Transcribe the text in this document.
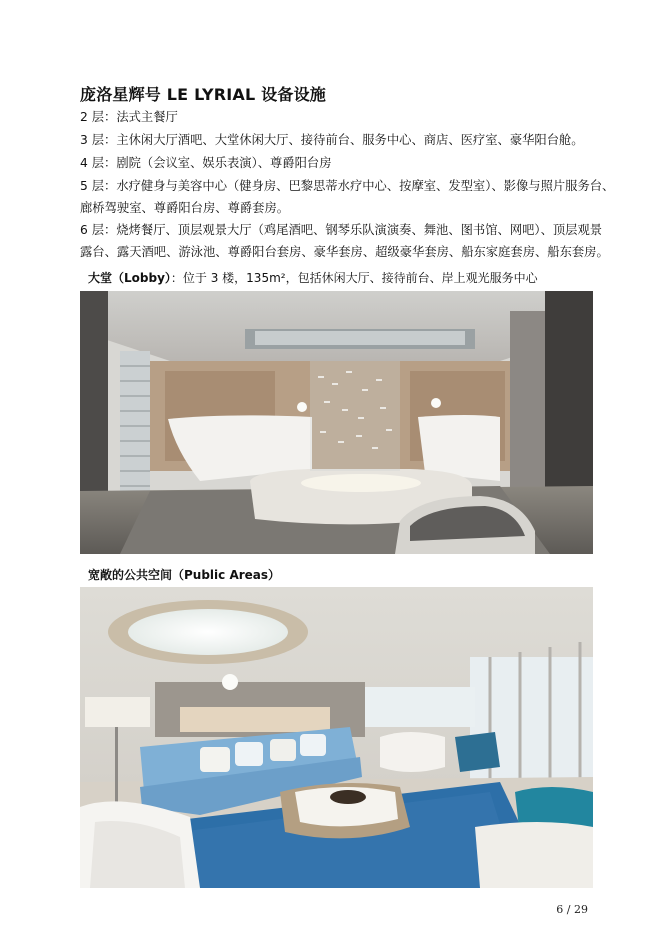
庞洛星辉号 LE LYRIAL 设备设施
2 层：法式主餐厅
3 层：主休闲大厅酒吧、大堂休闲大厅、接待前台、服务中心、商店、医疗室、豪华阳台舱。
4 层：剧院（会议室、娱乐表演）、尊爵阳台房
5 层：水疗健身与美容中心（健身房、巴黎思蒂水疗中心、按摩室、发型室）、影像与照片服务台、
廊桥驾驶室、尊爵阳台房、尊爵套房。
6 层：烧烤餐厅、顶层观景大厅（鸡尾酒吧、钢琴乐队演演奏、舞池、图书馆、网吧）、顶层观景
露台、露天酒吧、游泳池、尊爵阳台套房、豪华套房、超级豪华套房、船东家庭套房、船东套房。
大堂（Lobby）：位于 3 楼，135m²，包括休闲大厅、接待前台、岸上观光服务中心
宽敞的公共空间（Public Areas）
6 / 29
